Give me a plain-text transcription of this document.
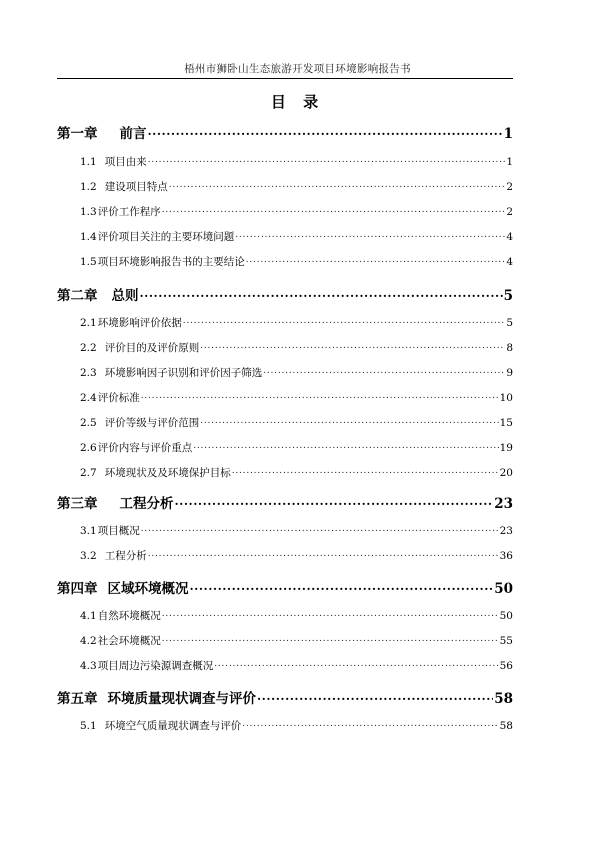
梧州市狮卧山生态旅游开发项目环境影响报告书
目 录
第一章 前言 .....	1
1.1 项目由来 .....	1
1.2 建设项目特点 .....	2
1.3评价工作程序 .....	2
1.4评价项目关注的主要环境问题 .....	4
1.5项目环境影响报告书的主要结论 .....	4
第二章 总则 .....	5
2.1环境影响评价依据 .....	5
2.2 评价目的及评价原则 .....	8
2.3 环境影响因子识别和评价因子筛选 .....	9
2.4评价标准 .....	10
2.5 评价等级与评价范围 .....	15
2.6评价内容与评价重点 .....	19
2.7 环境现状及及环境保护目标 .....	20
第三章 工程分析 .....	23
3.1项目概况 .....	23
3.2 工程分析 .....	36
第四章 区域环境概况 .....	50
4.1自然环境概况 .....	50
4.2社会环境概况 .....	55
4.3项目周边污染源调查概况 .....	56
第五章 环境质量现状调查与评价 .....	58
5.1 环境空气质量现状调查与评价 .....	58
